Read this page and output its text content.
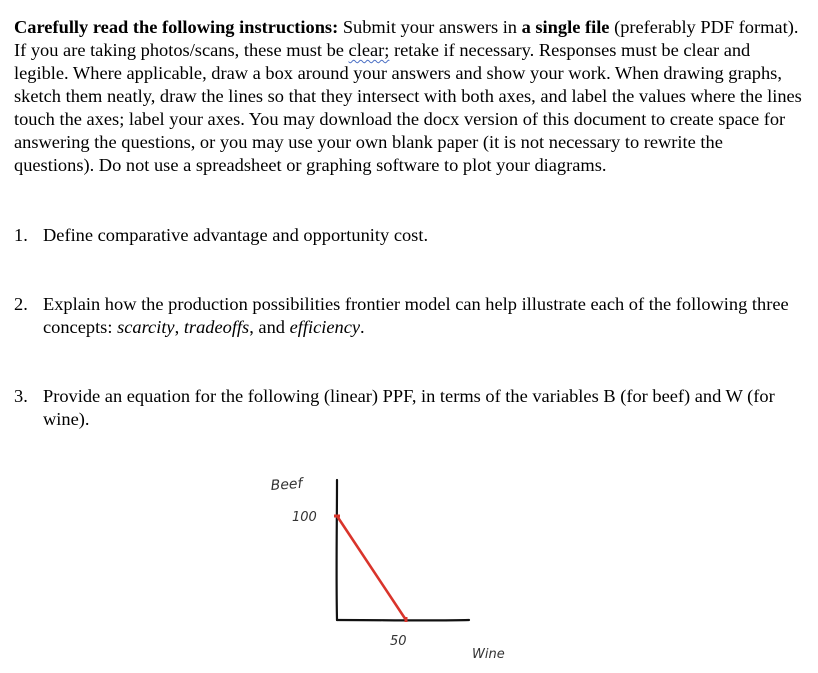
Carefully read the following instructions: Submit your answers in a single file (preferably PDF format). If you are taking photos/scans, these must be clear; retake if necessary. Responses must be clear and legible. Where applicable, draw a box around your answers and show your work. When drawing graphs, sketch them neatly, draw the lines so that they intersect with both axes, and label the values where the lines touch the axes; label your axes. You may download the docx version of this document to create space for answering the questions, or you may use your own blank paper (it is not necessary to rewrite the questions). Do not use a spreadsheet or graphing software to plot your diagrams.

1. Define comparative advantage and opportunity cost.
2. Explain how the production possibilities frontier model can help illustrate each of the following three concepts: scarcity, tradeoffs, and efficiency.
3. Provide an equation for the following (linear) PPF, in terms of the variables B (for beef) and W (for wine).
Beef
100
50
Wine
